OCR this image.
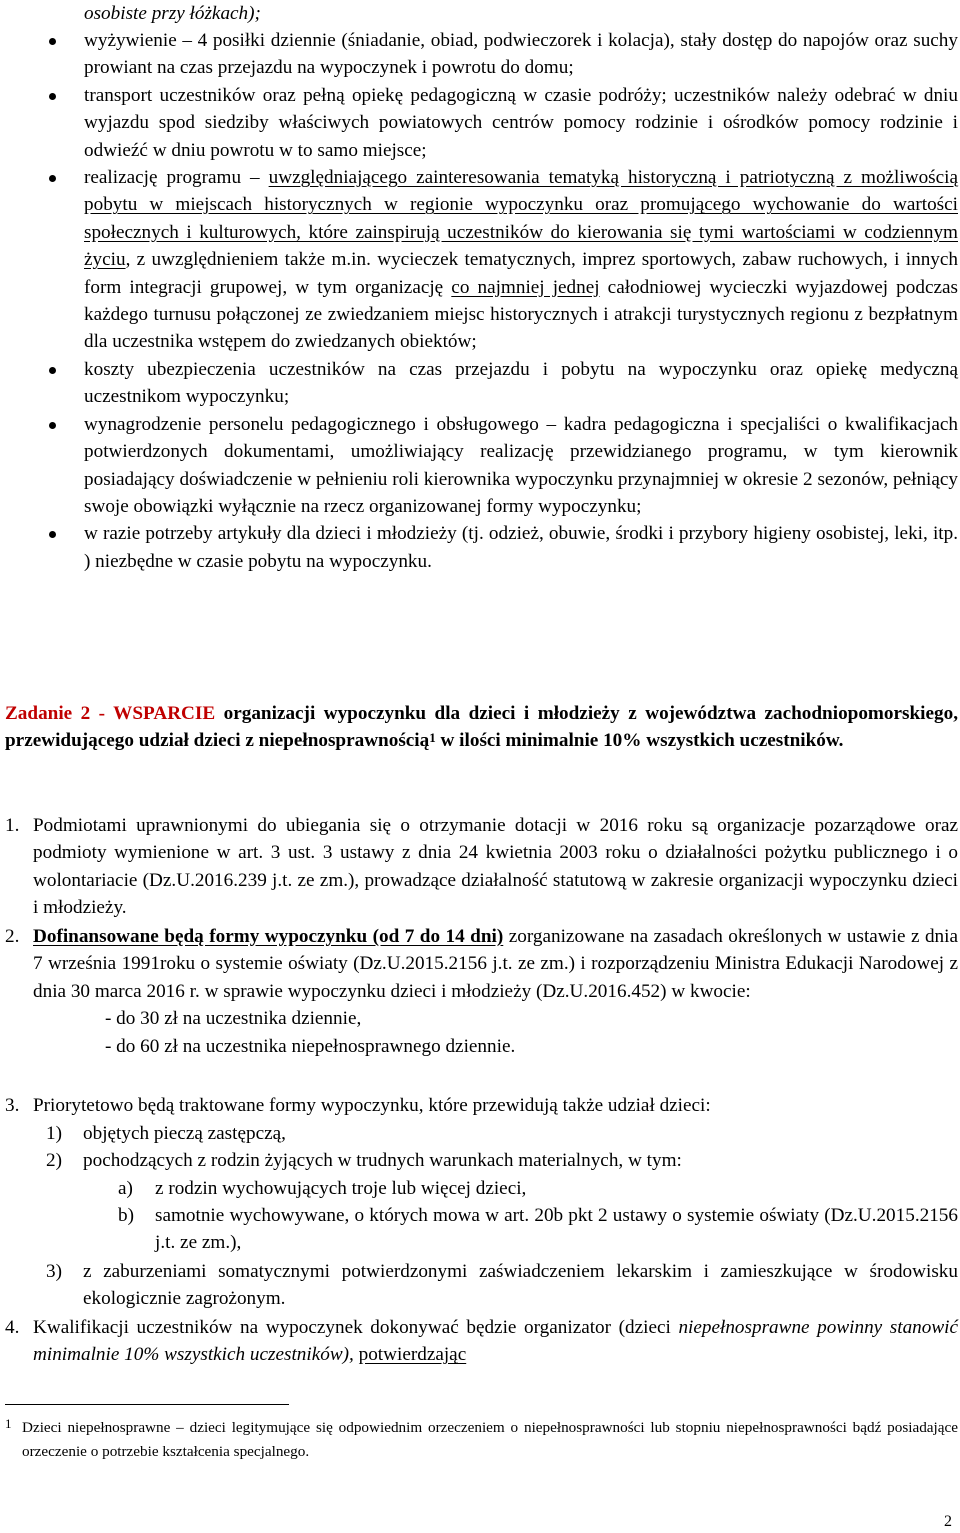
osobiste przy łóżkach);

wyżywienie – 4 posiłki dziennie (śniadanie, obiad, podwieczorek i kolacja), stały dostęp do napojów oraz suchy prowiant na czas przejazdu na wypoczynek i powrotu do domu;

transport uczestników oraz pełną opiekę pedagogiczną w czasie podróży; uczestników należy odebrać w dniu wyjazdu spod siedziby właściwych powiatowych centrów pomocy rodzinie i ośrodków pomocy rodzinie i odwieźć w dniu powrotu w to samo miejsce;

realizację programu – uwzględniającego zainteresowania tematyką historyczną i patriotyczną z możliwością pobytu w miejscach historycznych w regionie wypoczynku oraz promującego wychowanie do wartości społecznych i kulturowych, które zainspirują uczestników do kierowania się tymi wartościami w codziennym życiu, z uwzględnieniem także m.in. wycieczek tematycznych, imprez sportowych, zabaw ruchowych, i innych form integracji grupowej, w tym organizację co najmniej jednej całodniowej wycieczki wyjazdowej podczas każdego turnusu połączonej ze zwiedzaniem miejsc historycznych i atrakcji turystycznych regionu z bezpłatnym dla uczestnika wstępem do zwiedzanych obiektów;

koszty ubezpieczenia uczestników na czas przejazdu i pobytu na wypoczynku oraz opiekę medyczną uczestnikom wypoczynku;

wynagrodzenie personelu pedagogicznego i obsługowego – kadra pedagogiczna i specjaliści o kwalifikacjach potwierdzonych dokumentami, umożliwiający realizację przewidzianego programu, w tym kierownik posiadający doświadczenie w pełnieniu roli kierownika wypoczynku przynajmniej w okresie 2 sezonów, pełniący swoje obowiązki wyłącznie na rzecz organizowanej formy wypoczynku;

w razie potrzeby artykuły dla dzieci i młodzieży (tj. odzież, obuwie, środki i przybory higieny osobistej, leki, itp. ) niezbędne w czasie pobytu na wypoczynku.

Zadanie 2 - WSPARCIE organizacji wypoczynku dla dzieci i młodzieży z województwa zachodniopomorskiego, przewidującego udział dzieci z niepełnosprawnością$^1$ w ilości minimalnie 10% wszystkich uczestników.

1. Podmiotami uprawnionymi do ubiegania się o otrzymanie dotacji w 2016 roku są organizacje pozarządowe oraz podmioty wymienione w art. 3 ust. 3 ustawy z dnia 24 kwietnia 2003 roku o działalności pożytku publicznego i o wolontariacie (Dz.U.2016.239 j.t. ze zm.), prowadzące działalność statutową w zakresie organizacji wypoczynku dzieci i młodzieży.

2. Dofinansowane będą formy wypoczynku (od 7 do 14 dni) zorganizowane na zasadach określonych w ustawie z dnia 7 września 1991roku o systemie oświaty (Dz.U.2015.2156 j.t. ze zm.) i rozporządzeniu Ministra Edukacji Narodowej z dnia 30 marca 2016 r. w sprawie wypoczynku dzieci i młodzieży (Dz.U.2016.452) w kwocie:

- do 30 zł na uczestnika dziennie,

- do 60 zł na uczestnika niepełnosprawnego dziennie.

3. Priorytetowo będą traktowane formy wypoczynku, które przewidują także udział dzieci:

1) objętych pieczą zastępczą,

2) pochodzących z rodzin żyjących w trudnych warunkach materialnych, w tym:

a) z rodzin wychowujących troje lub więcej dzieci,

b) samotnie wychowywane, o których mowa w art. 20b pkt 2 ustawy o systemie oświaty (Dz.U.2015.2156 j.t. ze zm.),

3) z zaburzeniami somatycznymi potwierdzonymi zaświadczeniem lekarskim i zamieszkujące w środowisku ekologicznie zagrożonym.

4. Kwalifikacji uczestników na wypoczynek dokonywać będzie organizator (dzieci niepełnosprawne powinny stanowić minimalnie 10% wszystkich uczestników), potwierdzając

1 Dzieci niepełnosprawne – dzieci legitymujące się odpowiednim orzeczeniem o niepełnosprawności lub stopniu niepełnosprawności bądź posiadające orzeczenie o potrzebie kształcenia specjalnego.

2
